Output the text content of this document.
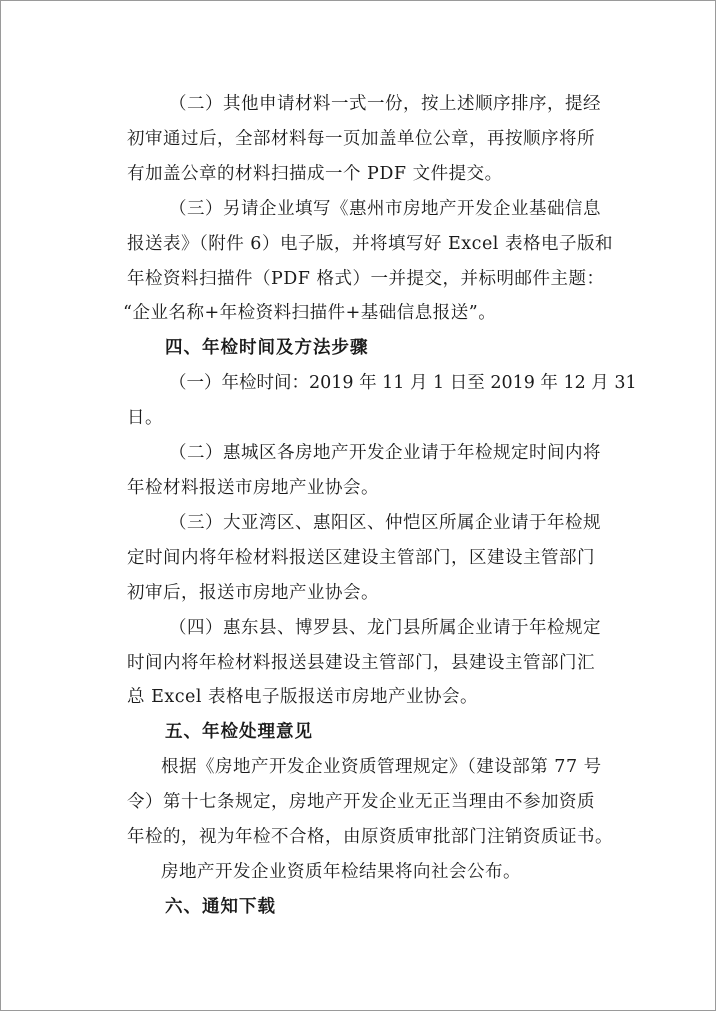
（二）其他申请材料一式一份，按上述顺序排序，提经
初审通过后，全部材料每一页加盖单位公章，再按顺序将所
有加盖公章的材料扫描成一个 PDF 文件提交。
（三）另请企业填写《惠州市房地产开发企业基础信息
报送表》（附件 6）电子版，并将填写好 Excel 表格电子版和
年检资料扫描件（PDF 格式）一并提交，并标明邮件主题：
“企业名称+年检资料扫描件+基础信息报送”。
四、年检时间及方法步骤
（一）年检时间：2019 年 11 月 1 日至 2019 年 12 月 31
日。
（二）惠城区各房地产开发企业请于年检规定时间内将
年检材料报送市房地产业协会。
（三）大亚湾区、惠阳区、仲恺区所属企业请于年检规
定时间内将年检材料报送区建设主管部门，区建设主管部门
初审后，报送市房地产业协会。
（四）惠东县、博罗县、龙门县所属企业请于年检规定
时间内将年检材料报送县建设主管部门，县建设主管部门汇
总 Excel 表格电子版报送市房地产业协会。
五、年检处理意见
根据《房地产开发企业资质管理规定》（建设部第 77 号
令）第十七条规定，房地产开发企业无正当理由不参加资质
年检的，视为年检不合格，由原资质审批部门注销资质证书。
房地产开发企业资质年检结果将向社会公布。
六、通知下载
